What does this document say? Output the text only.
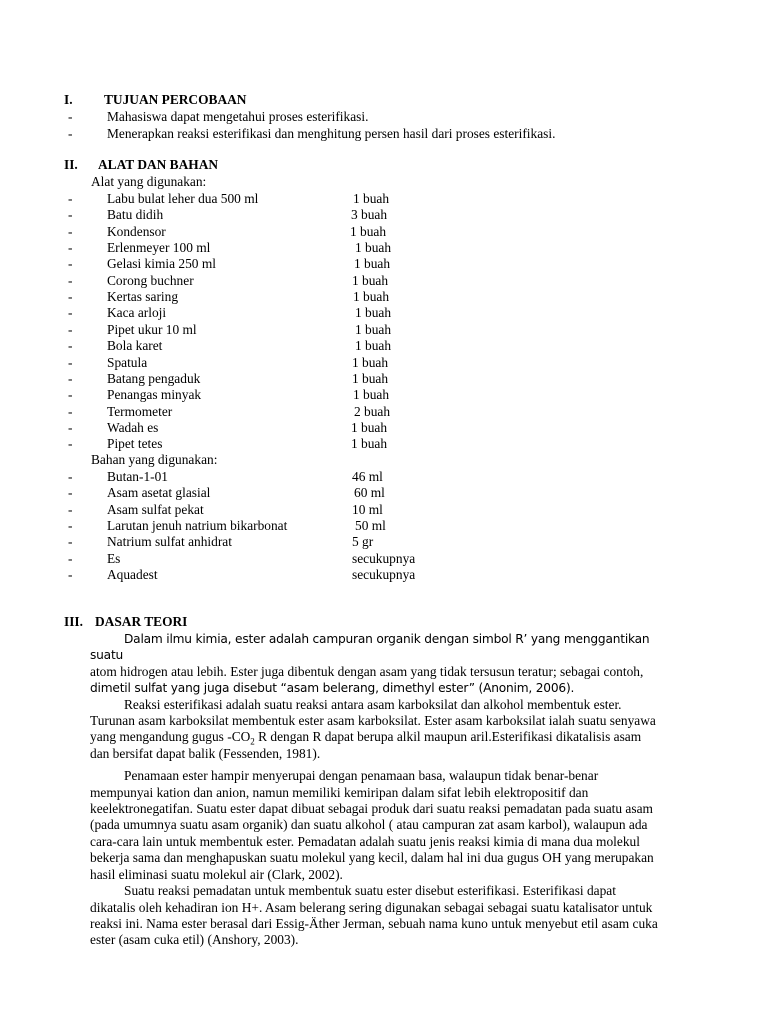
I. TUJUAN PERCOBAAN
-	Mahasiswa dapat mengetahui proses esterifikasi.
-	Menerapkan reaksi esterifikasi dan menghitung persen hasil dari proses esterifikasi.
II. ALAT DAN BAHAN
Alat yang digunakan:
-	Labu bulat leher dua 500 ml	1 buah
-	Batu didih	3 buah
-	Kondensor	1 buah
-	Erlenmeyer 100 ml	1 buah
-	Gelasi kimia 250 ml	1 buah
-	Corong buchner	1 buah
-	Kertas saring	1 buah
-	Kaca arloji	1 buah
-	Pipet ukur 10 ml	1 buah
-	Bola karet	1 buah
-	Spatula	1 buah
-	Batang pengaduk	1 buah
-	Penangas minyak	1 buah
-	Termometer	2 buah
-	Wadah es	1 buah
-	Pipet tetes	1 buah
Bahan yang digunakan:
-	Butan-1-01	46 ml
-	Asam asetat glasial	60 ml
-	Asam sulfat pekat	10 ml
-	Larutan jenuh natrium bikarbonat	50 ml
-	Natrium sulfat anhidrat	5 gr
-	Es	secukupnya
-	Aquadest	secukupnya
III. DASAR TEORI

Dalam ilmu kimia, ester adalah campuran organik dengan simbol R’ yang menggantikan suatu
atom hidrogen atau lebih. Ester juga dibentuk dengan asam yang tidak tersusun teratur; sebagai contoh,
dimetil sulfat yang juga disebut “asam belerang, dimethyl ester” (Anonim, 2006).

Reaksi esterifikasi adalah suatu reaksi antara asam karboksilat dan alkohol membentuk ester.
Turunan asam karboksilat membentuk ester asam karboksilat. Ester asam karboksilat ialah suatu senyawa
yang mengandung gugus $-CO_2$ R dengan R dapat berupa alkil maupun aril.Esterifikasi dikatalisis asam
dan bersifat dapat balik (Fessenden, 1981).

Penamaan ester hampir menyerupai dengan penamaan basa, walaupun tidak benar-benar
mempunyai kation dan anion, namun memiliki kemiripan dalam sifat lebih elektropositif dan
keelektronegatifan. Suatu ester dapat dibuat sebagai produk dari suatu reaksi pemadatan pada suatu asam
(pada umumnya suatu asam organik) dan suatu alkohol ( atau campuran zat asam karbol), walaupun ada
cara-cara lain untuk membentuk ester. Pemadatan adalah suatu jenis reaksi kimia di mana dua molekul
bekerja sama dan menghapuskan suatu molekul yang kecil, dalam hal ini dua gugus OH yang merupakan
hasil eliminasi suatu molekul air (Clark, 2002).

Suatu reaksi pemadatan untuk membentuk suatu ester disebut esterifikasi. Esterifikasi dapat
dikatalis oleh kehadiran ion H+. Asam belerang sering digunakan sebagai sebagai suatu katalisator untuk
reaksi ini. Nama ester berasal dari Essig-Äther Jerman, sebuah nama kuno untuk menyebut etil asam cuka
ester (asam cuka etil) (Anshory, 2003).
